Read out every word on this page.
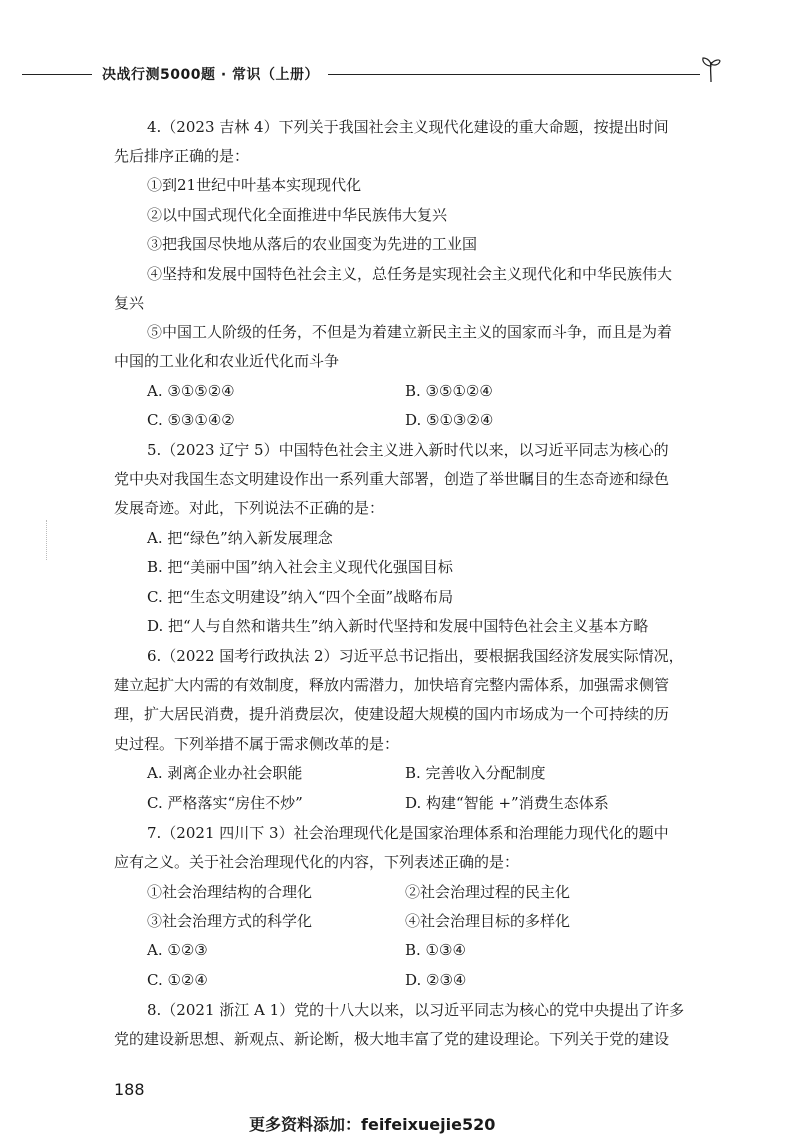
决战行测5000题 · 常识（上册）
4.（2023 吉林 4）下列关于我国社会主义现代化建设的重大命题，按提出时间
先后排序正确的是：
①到21世纪中叶基本实现现代化
②以中国式现代化全面推进中华民族伟大复兴
③把我国尽快地从落后的农业国变为先进的工业国
④坚持和发展中国特色社会主义，总任务是实现社会主义现代化和中华民族伟大
复兴
⑤中国工人阶级的任务，不但是为着建立新民主主义的国家而斗争，而且是为着
中国的工业化和农业近代化而斗争
A. ③①⑤②④	B. ③⑤①②④
C. ⑤③①④②	D. ⑤①③②④
5.（2023 辽宁 5）中国特色社会主义进入新时代以来，以习近平同志为核心的
党中央对我国生态文明建设作出一系列重大部署，创造了举世瞩目的生态奇迹和绿色
发展奇迹。对此，下列说法不正确的是：
A. 把“绿色”纳入新发展理念
B. 把“美丽中国”纳入社会主义现代化强国目标
C. 把“生态文明建设”纳入“四个全面”战略布局
D. 把“人与自然和谐共生”纳入新时代坚持和发展中国特色社会主义基本方略
6.（2022 国考行政执法 2）习近平总书记指出，要根据我国经济发展实际情况，
建立起扩大内需的有效制度，释放内需潜力，加快培育完整内需体系，加强需求侧管
理，扩大居民消费，提升消费层次，使建设超大规模的国内市场成为一个可持续的历
史过程。下列举措不属于需求侧改革的是：
A. 剥离企业办社会职能	B. 完善收入分配制度
C. 严格落实“房住不炒”	D. 构建“智能 +”消费生态体系
7.（2021 四川下 3）社会治理现代化是国家治理体系和治理能力现代化的题中
应有之义。关于社会治理现代化的内容，下列表述正确的是：
①社会治理结构的合理化	②社会治理过程的民主化
③社会治理方式的科学化	④社会治理目标的多样化
A. ①②③	B. ①③④
C. ①②④	D. ②③④
8.（2021 浙江 A 1）党的十八大以来，以习近平同志为核心的党中央提出了许多
党的建设新思想、新观点、新论断，极大地丰富了党的建设理论。下列关于党的建设
188
更多资料添加：feifeixuejie520
